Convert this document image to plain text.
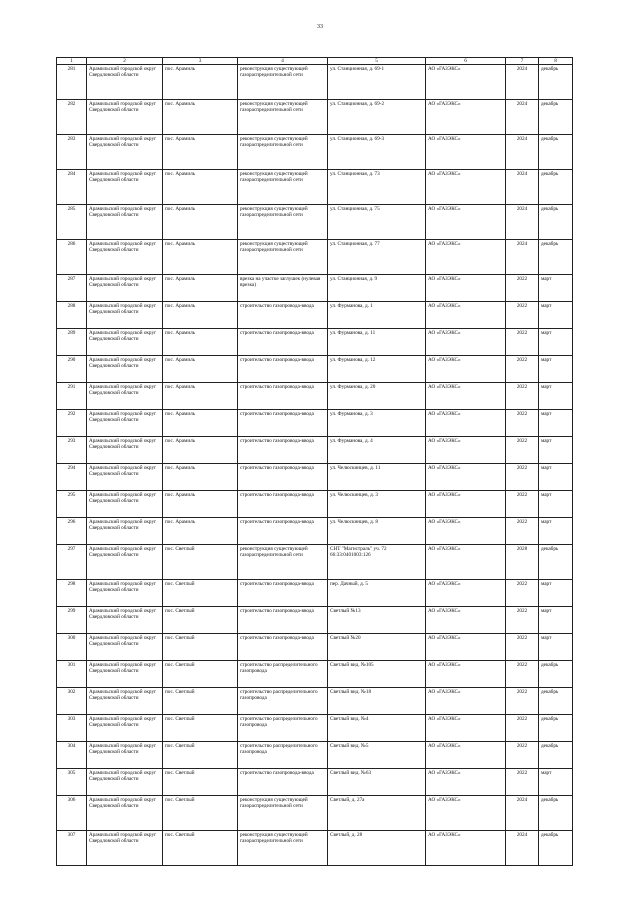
33
1	2	3	4	5	6	7	8
281	Арамильский городской округ Свердловской области	пос. Арамиль	реконструкция существующей газораспределительной сети	ул. Станционная, д. 69-1	АО «ГАЗЭКС»	2024	декабрь
282	Арамильский городской округ Свердловской области	пос. Арамиль	реконструкция существующей газораспределительной сети	ул. Станционная, д. 69-2	АО «ГАЗЭКС»	2024	декабрь
283	Арамильский городской округ Свердловской области	пос. Арамиль	реконструкция существующей газораспределительной сети	ул. Станционная, д. 69-3	АО «ГАЗЭКС»	2024	декабрь
284	Арамильский городской округ Свердловской области	пос. Арамиль	реконструкция существующей газораспределительной сети	ул. Станционная, д. 73	АО «ГАЗЭКС»	2024	декабрь
285	Арамильский городской округ Свердловской области	пос. Арамиль	реконструкция существующей газораспределительной сети	ул. Станционная, д. 75	АО «ГАЗЭКС»	2024	декабрь
286	Арамильский городской округ Свердловской области	пос. Арамиль	реконструкция существующей газораспределительной сети	ул. Станционная, д. 77	АО «ГАЗЭКС»	2024	декабрь
287	Арамильский городской округ Свердловской области	пос. Арамиль	врезка на участке заглушек (нулевая врезка)	ул. Станционная, д. 9	АО «ГАЗЭКС»	2022	март
288	Арамильский городской округ Свердловской области	пос. Арамиль	строительство газопровода-ввода	ул. Фурманова, д. 1	АО «ГАЗЭКС»	2022	март
289	Арамильский городской округ Свердловской области	пос. Арамиль	строительство газопровода-ввода	ул. Фурманова, д. 11	АО «ГАЗЭКС»	2022	март
290	Арамильский городской округ Свердловской области	пос. Арамиль	строительство газопровода-ввода	ул. Фурманова, д. 12	АО «ГАЗЭКС»	2022	март
291	Арамильский городской округ Свердловской области	пос. Арамиль	строительство газопровода-ввода	ул. Фурманова, д. 20	АО «ГАЗЭКС»	2022	март
292	Арамильский городской округ Свердловской области	пос. Арамиль	строительство газопровода-ввода	ул. Фурманова, д. 3	АО «ГАЗЭКС»	2022	март
293	Арамильский городской округ Свердловской области	пос. Арамиль	строительство газопровода-ввода	ул. Фурманова, д. 4	АО «ГАЗЭКС»	2022	март
294	Арамильский городской округ Свердловской области	пос. Арамиль	строительство газопровода-ввода	ул. Челюскинцев, д. 11	АО «ГАЗЭКС»	2022	март
295	Арамильский городской округ Свердловской области	пос. Арамиль	строительство газопровода-ввода	ул. Челюскинцев, д. 3	АО «ГАЗЭКС»	2022	март
296	Арамильский городской округ Свердловской области	пос. Арамиль	строительство газопровода-ввода	ул. Челюскинцев, д. 8	АО «ГАЗЭКС»	2022	март
297	Арамильский городской округ Свердловской области	пос. Светлый	реконструкция существующей газораспределительной сети	СНТ "Магистраль" уч. 72 66:33:0401003:126	АО «ГАЗЭКС»	2028	декабрь
298	Арамильский городской округ Свердловской области	пос. Светлый	строительство газопровода-ввода	пер. Дачный, д. 5	АО «ГАЗЭКС»	2022	март
299	Арамильский городской округ Свердловской области	пос. Светлый	строительство газопровода-ввода	Светлый №13	АО «ГАЗЭКС»	2022	март
300	Арамильский городской округ Свердловской области	пос. Светлый	строительство газопровода-ввода	Светлый №20	АО «ГАЗЭКС»	2022	март
301	Арамильский городской округ Свердловской области	пос. Светлый	строительство распределительного газопровода	Светлый вид. №105	АО «ГАЗЭКС»	2022	декабрь
302	Арамильский городской округ Свердловской области	пос. Светлый	строительство распределительного газопровода	Светлый вид. №18	АО «ГАЗЭКС»	2022	декабрь
303	Арамильский городской округ Свердловской области	пос. Светлый	строительство распределительного газопровода	Светлый вид. №4	АО «ГАЗЭКС»	2022	декабрь
304	Арамильский городской округ Свердловской области	пос. Светлый	строительство распределительного газопровода	Светлый вид. №5	АО «ГАЗЭКС»	2022	декабрь
305	Арамильский городской округ Свердловской области	пос. Светлый	строительство газопровода-ввода	Светлый вид. №63	АО «ГАЗЭКС»	2022	март
306	Арамильский городской округ Свердловской области	пос. Светлый	реконструкция существующей газораспределительной сети	Светлый, д. 27а	АО «ГАЗЭКС»	2024	декабрь
307	Арамильский городской округ Свердловской области	пос. Светлый	реконструкция существующей газораспределительной сети	Светлый, д. 28	АО «ГАЗЭКС»	2024	декабрь
